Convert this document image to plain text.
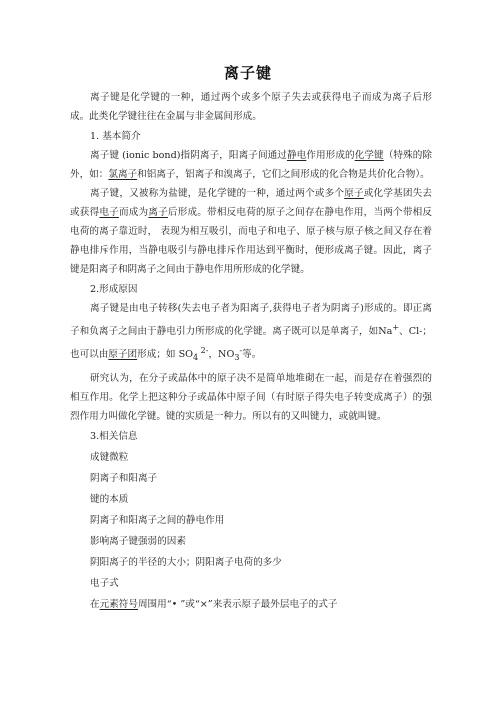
离子键

离子键是化学键的一种，通过两个或多个原子失去或获得电子而成为离子后形成。此类化学键往往在金属与非金属间形成。

1. 基本简介

离子键 (ionic bond)指阴离子，阳离子间通过静电作用形成的化学键（特殊的除外，如：氯离子和铝离子，铝离子和溴离子，它们之间形成的化合物是共价化合物）。

离子键，又被称为盐键，是化学键的一种，通过两个或多个原子或化学基团失去或获得电子而成为离子后形成。带相反电荷的原子之间存在静电作用，当两个带相反电荷的离子靠近时， 表现为相互吸引，而电子和电子、原子核与原子核之间又存在着静电排斥作用，当静电吸引与静电排斥作用达到平衡时，便形成离子键。因此，离子键是阳离子和阴离子之间由于静电作用所形成的化学键。

2.形成原因

离子键是由电子转移(失去电子者为阳离子,获得电子者为阴离子)形成的。即正离子和负离子之间由于静电引力所形成的化学键。离子既可以是单离子，如Na+、Cl-；也可以由原子团形成；如 $SO_4$ $^{2-}$，$NO_3^-$等。

研究认为，在分子或晶体中的原子决不是简单地堆砌在一起，而是存在着强烈的相互作用。化学上把这种分子或晶体中原子间（有时原子得失电子转变成离子）的强烈作用力叫做化学键。键的实质是一种力。所以有的又叫键力，或就叫键。

3.相关信息

成键微粒

阴离子和阳离子

键的本质

阴离子和阳离子之间的静电作用

影响离子键强弱的因素

阴阳离子的半径的大小；阴阳离子电荷的多少

电子式

在元素符号周围用“• ”或“×”来表示原子最外层电子的式子
